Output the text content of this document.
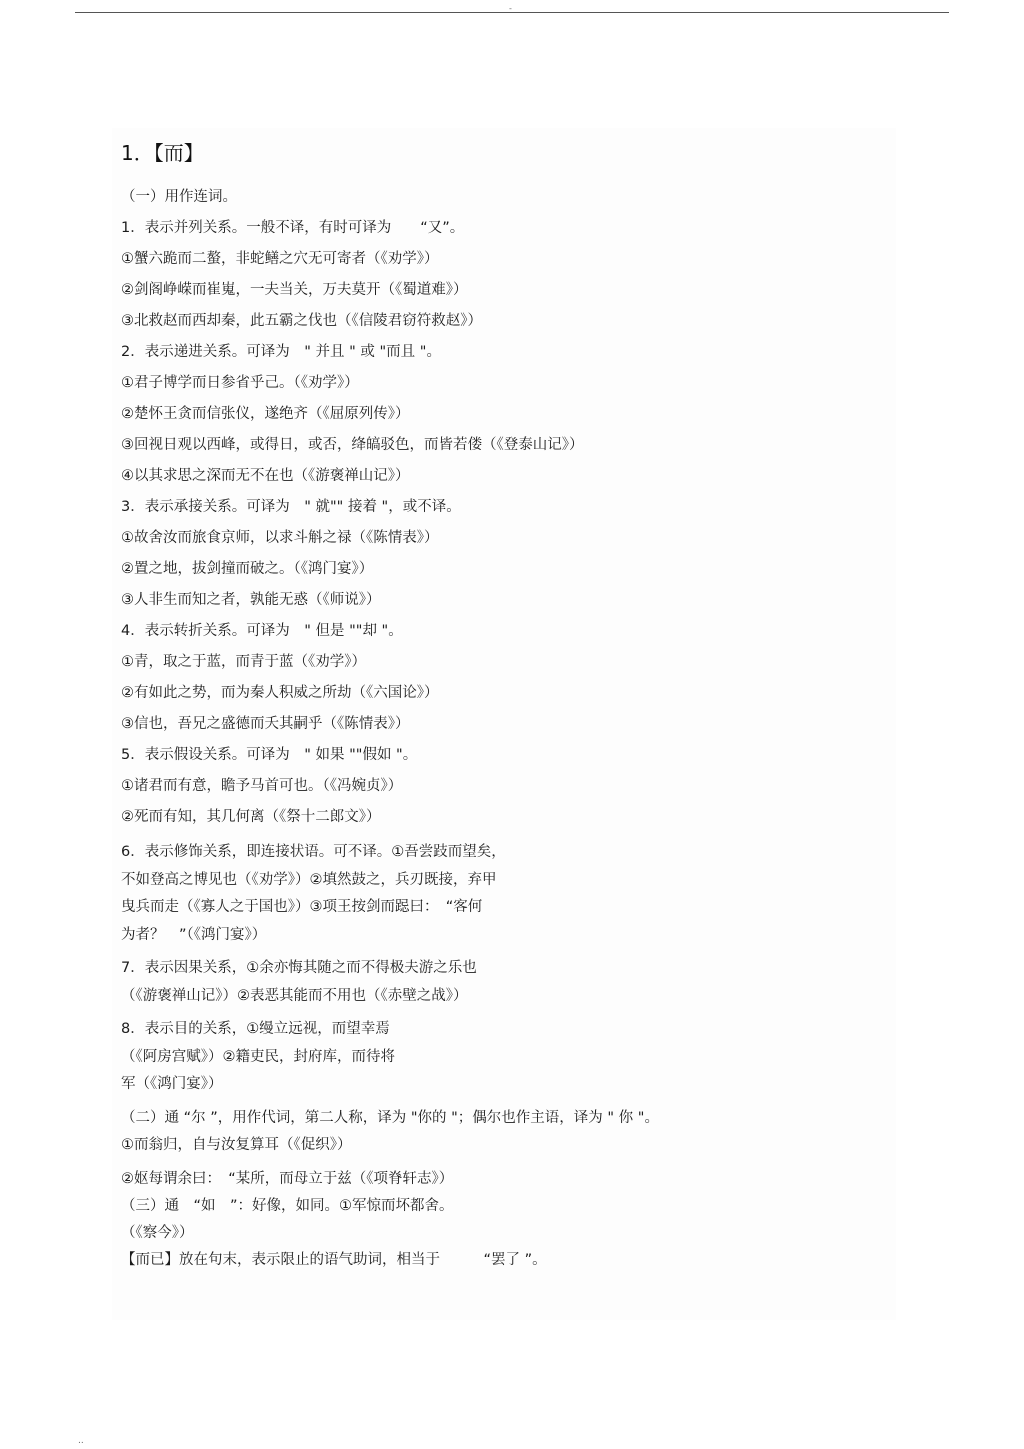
-
1．【而】
（一）用作连词。
1．表示并列关系。一般不译，有时可译为　　“又”。
①蟹六跪而二螯，非蛇鳝之穴无可寄者（《劝学》）
②剑阁峥嵘而崔嵬，一夫当关，万夫莫开（《蜀道难》）
③北救赵而西却秦，此五霸之伐也（《信陵君窃符救赵》）
2．表示递进关系。可译为　" 并且 " 或 "而且 "。
①君子博学而日参省乎己。（《劝学》）
②楚怀王贪而信张仪，遂绝齐（《屈原列传》）
③回视日观以西峰，或得日，或否，绛皜驳色，而皆若偻（《登泰山记》）
④以其求思之深而无不在也（《游褒禅山记》）
3．表示承接关系。可译为　" 就"" 接着 "，或不译。
①故舍汝而旅食京师，以求斗斛之禄（《陈情表》）
②置之地，拔剑撞而破之。（《鸿门宴》）
③人非生而知之者，孰能无惑（《师说》）
4．表示转折关系。可译为　" 但是 ""却 "。
①青，取之于蓝，而青于蓝（《劝学》）
②有如此之势，而为秦人积威之所劫（《六国论》）
③信也，吾兄之盛德而夭其嗣乎（《陈情表》）
5．表示假设关系。可译为　" 如果 ""假如 "。
①诸君而有意，瞻予马首可也。（《冯婉贞》）
②死而有知，其几何离（《祭十二郎文》）
6．表示修饰关系，即连接状语。可不译。①吾尝跂而望矣，
不如登高之博见也（《劝学》）②填然鼓之，兵刃既接，弃甲
曳兵而走（《寡人之于国也》）③项王按剑而跽曰：　“客何
为者？　”（《鸿门宴》）
7．表示因果关系，①余亦悔其随之而不得极夫游之乐也
（《游褒禅山记》）②表恶其能而不用也（《赤壁之战》）
8．表示目的关系，①缦立远视，而望幸焉
（《阿房宫赋》）②籍吏民，封府库，而待将
军（《鸿门宴》）
（二）通 “尔 ”，用作代词，第二人称，译为 "你的 "；偶尔也作主语，译为 " 你 "。
①而翁归，自与汝复算耳（《促织》）
②妪每谓余曰：　“某所，而母立于兹（《项脊轩志》）
（三）通　“如　”：好像，如同。①军惊而坏都舍。
（《察今》）
【而已】放在句末，表示限止的语气助词，相当于　　　“罢了 ”。
..
